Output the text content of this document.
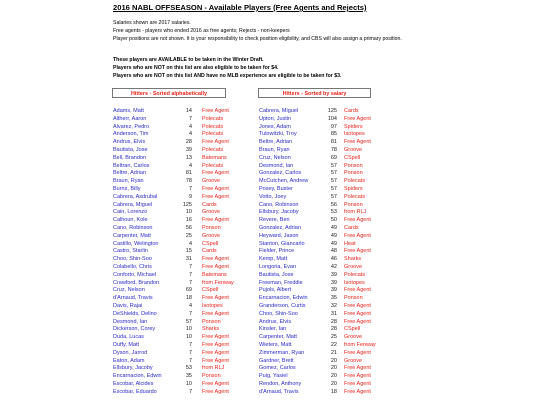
2016 NABL OFFSEASON - Available Players (Free Agents and Rejects)
Salaries shown are 2017 salaries.
Free agents - players who ended 2016 as free agents; Rejects - non-keepers
Player positions are not shown. It is your responsibility to check position eligibility, and CBS will also assign a primary position.
These players are AVAILABLE to be taken in the Winter Draft.
Players who are NOT on this list are also eligible to be taken for $4.
Players who are NOT on this list AND have no MLB experience are eligible to be taken for $3.
Hitters - Sorted alphabetically	Hitters - Sorted by salary
Adams, Matt	14 Free Agent
Altherr, Aaron	7 Polecats
Alvarez, Pedro	4 Polecats
Anderson, Tim	4 Polecats
Andrus, Elvis	28 Free Agent
Bautista, Jose	39 Polecats
Bell, Brandon	13 Batemans
Beltran, Carlos	4 Polecats
Beltre, Adrian	81 Free Agent
Braun, Ryan	78 Groove
Burns, Billy	7 Free Agent
Cabrera, Asdrubal	9 Free Agent
Cabrera, Miguel	125 Cards
Cain, Lorenzo	10 Groove
Calhoun, Kole	16 Free Agent
Cano, Robinson	56 Ponson
Carpenter, Matt	25 Groove
Castillo, Welington	4 CSpell
Castro, Starlin	15 Cards
Choo, Shin-Soo	31 Free Agent
Colabello, Chris	7 Free Agent
Conforto, Michael	7 Batemans
Crawford, Brandon	7 from Fenway
Cruz, Nelson	69 CSpell
d'Arnaud, Travis	18 Free Agent
Davis, Rajai	4 Isotopes
DeShields, Delino	7 Free Agent
Desmond, Ian	57 Ponson
Dickerson, Corey	10 Sharks
Duda, Lucas	10 Free Agent
Duffy, Matt	7 Free Agent
Dyson, Jarrod	7 Free Agent
Eaton, Adam	7 Free Agent
Ellsbury, Jacoby	53 from RLJ
Encarnacion, Edwin	35 Ponson
Escobar, Alcides	10 Free Agent
Escobar, Eduardo	7 Free Agent
Cabrera, Miguel	125 Cards
Upton, Justin	104 Free Agent
Jones, Adam	97 Spiders
Tulowitzki, Troy	85 Isotopes
Beltre, Adrian	81 Free Agent
Braun, Ryan	78 Groove
Cruz, Nelson	69 CSpell
Desmond, Ian	57 Ponson
Gonzalez, Carlos	57 Ponson
McCutchen, Andrew	57 Polecats
Posey, Buster	57 Spiders
Votto, Joey	57 Polecats
Cano, Robinson	56 Ponson
Ellsbury, Jacoby	53 from RLJ
Revere, Ben	50 Free Agent
Gonzalez, Adrian	49 Cards
Heyward, Jason	49 Free Agent
Stanton, Giancarlo	49 Heat
Fielder, Prince	48 Free Agent
Kemp, Matt	46 Sharks
Longoria, Evan	42 Groove
Bautista, Jose	39 Polecats
Freeman, Freddie	39 Isotopes
Pujols, Albert	39 Free Agent
Encarnacion, Edwin	35 Ponson
Granderson, Curtis	32 Free Agent
Choo, Shin-Soo	31 Free Agent
Andrus, Elvis	28 Free Agent
Kinsler, Ian	28 CSpell
Carpenter, Matt	25 Groove
Wieters, Matt	22 from Fenway
Zimmerman, Ryan	21 Free Agent
Gardner, Brett	20 Groove
Gomez, Carlos	20 Free Agent
Puig, Yasiel	20 Free Agent
Rendon, Anthony	20 Free Agent
d'Arnaud, Travis	18 Free Agent
